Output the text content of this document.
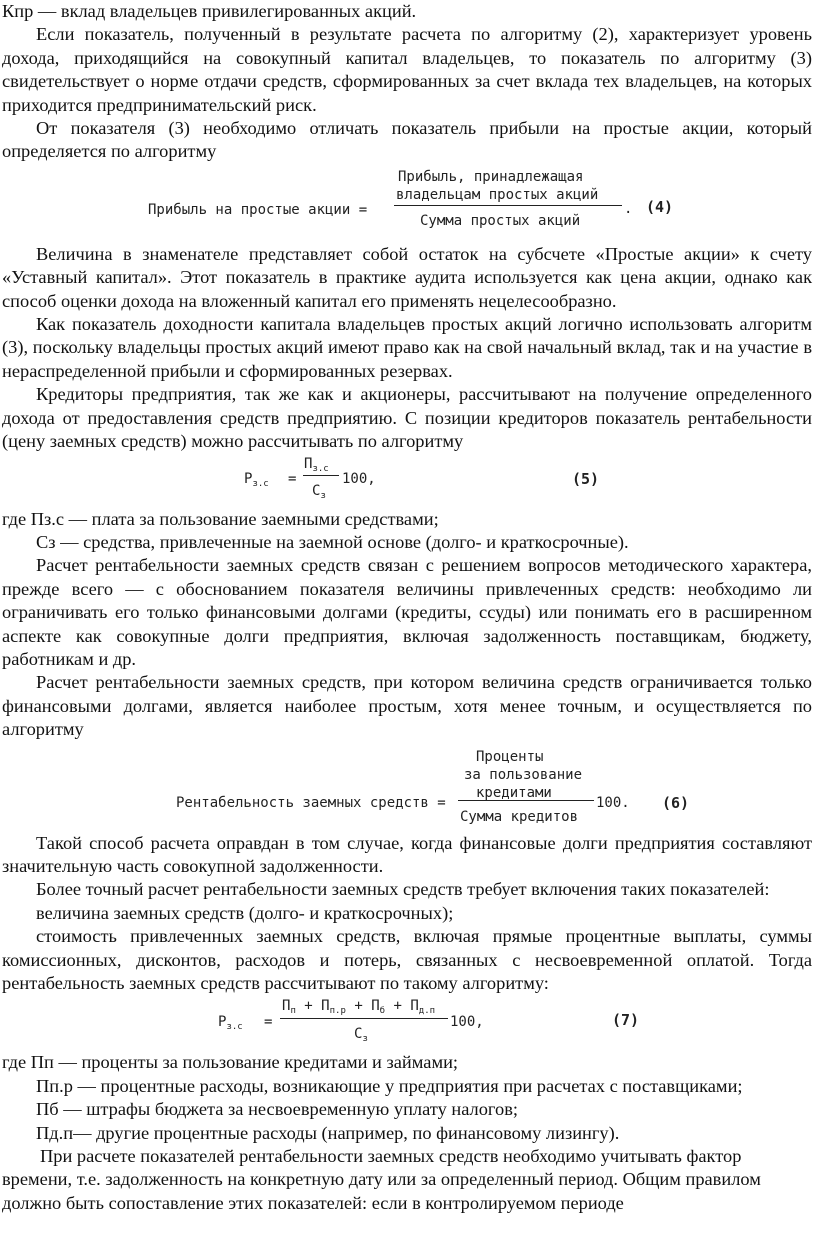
Кпр — вклад владельцев привилегированных акций.

Если показатель, полученный в результате расчета по алгоритму (2), характеризует уровень дохода, приходящийся на совокупный капитал владельцев, то показатель по алгоритму (3) свидетельствует о норме отдачи средств, сформированных за счет вклада тех владельцев, на которых приходится предпринимательский риск.

От показателя (3) необходимо отличать показатель прибыли на простые акции, который определяется по алгоритму

Прибыль на простые акции =
Прибыль, принадлежащая
владельцам простых акций
Сумма простых акций
. (4)

Величина в знаменателе представляет собой остаток на субсчете «Простые акции» к счету «Уставный капитал». Этот показатель в практике аудита используется как цена акции, однако как способ оценки дохода на вложенный капитал его применять нецелесообразно.

Как показатель доходности капитала владельцев простых акций логично использовать алгоритм (3), поскольку владельцы простых акций имеют право как на свой начальный вклад, так и на участие в нераспределенной прибыли и сформированных резервах.

Кредиторы предприятия, так же как и акционеры, рассчитывают на получение определенного дохода от предоставления средств предприятию. С позиции кредиторов показатель рентабельности (цену заемных средств) можно рассчитывать по алгоритму

$Р_{з.с}$ =
$П_{з.с}$
$С_з$
100,	(5)

где Пз.с — плата за пользование заемными средствами;

Сз — средства, привлеченные на заемной основе (долго- и краткосрочные).

Расчет рентабельности заемных средств связан с решением вопросов методического характера, прежде всего — с обоснованием показателя величины привлеченных средств: необходимо ли ограничивать его только финансовыми долгами (кредиты, ссуды) или понимать его в расширенном аспекте как совокупные долги предприятия, включая задолженность поставщикам, бюджету, работникам и др.

Расчет рентабельности заемных средств, при котором величина средств ограничивается только финансовыми долгами, является наиболее простым, хотя менее точным, и осуществляется по алгоритму

Проценты
за пользование
кредитами
Рентабельность заемных средств =
Сумма кредитов
100. (6)

Такой способ расчета оправдан в том случае, когда финансовые долги предприятия составляют значительную часть совокупной задолженности.

Более точный расчет рентабельности заемных средств требует включения таких показателей:

величина заемных средств (долго- и краткосрочных);

стоимость привлеченных заемных средств, включая прямые процентные выплаты, суммы комиссионных, дисконтов, расходов и потерь, связанных с несвоевременной оплатой. Тогда рентабельность заемных средств рассчитывают по такому алгоритму:

$Р_{з.с}$ =
$П_п + П_{п.р} + П_б + П_{д.п}$
$С_з$
100,	(7)

где Пп — проценты за пользование кредитами и займами;

Пп.р — процентные расходы, возникающие у предприятия при расчетах с поставщиками;

Пб — штрафы бюджета за несвоевременную уплату налогов;

Пд.п— другие процентные расходы (например, по финансовому лизингу).

При расчете показателей рентабельности заемных средств необходимо учитывать фактор времени, т.е. задолженность на конкретную дату или за определенный период. Общим правилом должно быть сопоставление этих показателей: если в контролируемом периоде
